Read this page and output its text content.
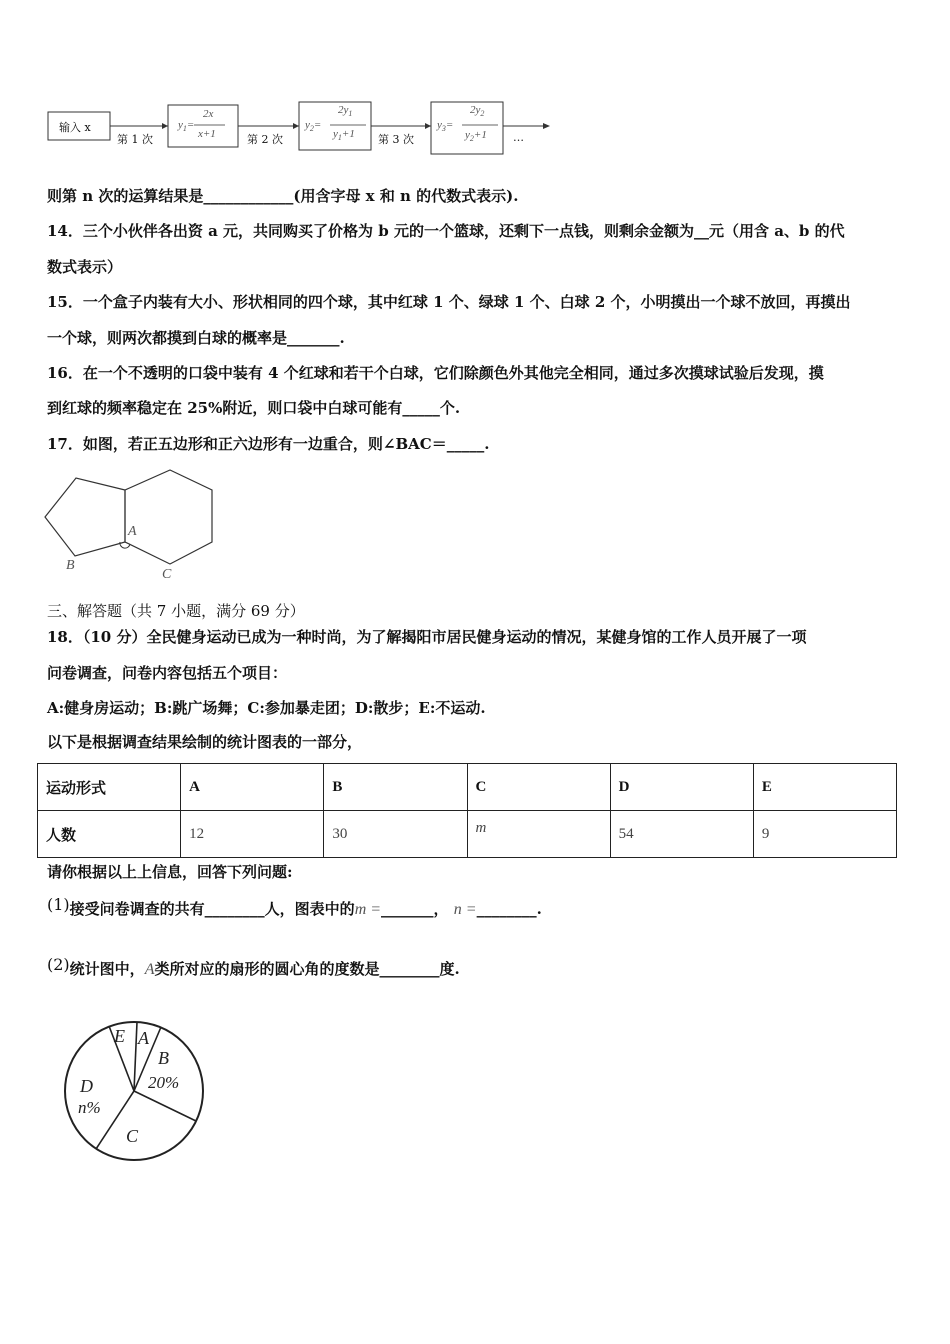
输入 x	$y_1=$
2x
x+1
$y_2=$
$2y_1$
$y_1+1$
$y_3=$
$2y_2$
$y_2+1$
第 1 次	第 2 次	第 3 次	…
则第 n 次的运算结果是____________(用含字母 x 和 n 的代数式表示).
14．三个小伙伴各出资 a 元，共同购买了价格为 b 元的一个篮球，还剩下一点钱，则剩余金额为__元（用含 a、b 的代
数式表示）
15．一个盒子内装有大小、形状相同的四个球，其中红球 1 个、绿球 1 个、白球 2 个，小明摸出一个球不放回，再摸出
一个球，则两次都摸到白球的概率是_______.
16．在一个不透明的口袋中装有 4 个红球和若干个白球，它们除颜色外其他完全相同，通过多次摸球试验后发现，摸
到红球的频率稳定在 25%附近，则口袋中白球可能有_____个.
17．如图，若正五边形和正六边形有一边重合，则∠BAC＝_____.
A
B
C
三、解答题（共 7 小题，满分 69 分）
18．（10 分）全民健身运动已成为一种时尚，为了解揭阳市居民健身运动的情况，某健身馆的工作人员开展了一项
问卷调查，问卷内容包括五个项目：
A:健身房运动；B:跳广场舞；C:参加暴走团；D:散步；E:不运动.
以下是根据调查结果绘制的统计图表的一部分，
运动形式	A	B	C	D	E
人数	12	30	m	54	9
请你根据以上上信息，回答下列问题:
(1)接受问卷调查的共有________人，图表中的m =_______， n =________.
(2)统计图中，A类所对应的扇形的圆心角的度数是________度.
E A
B
20%
D
n%
C
